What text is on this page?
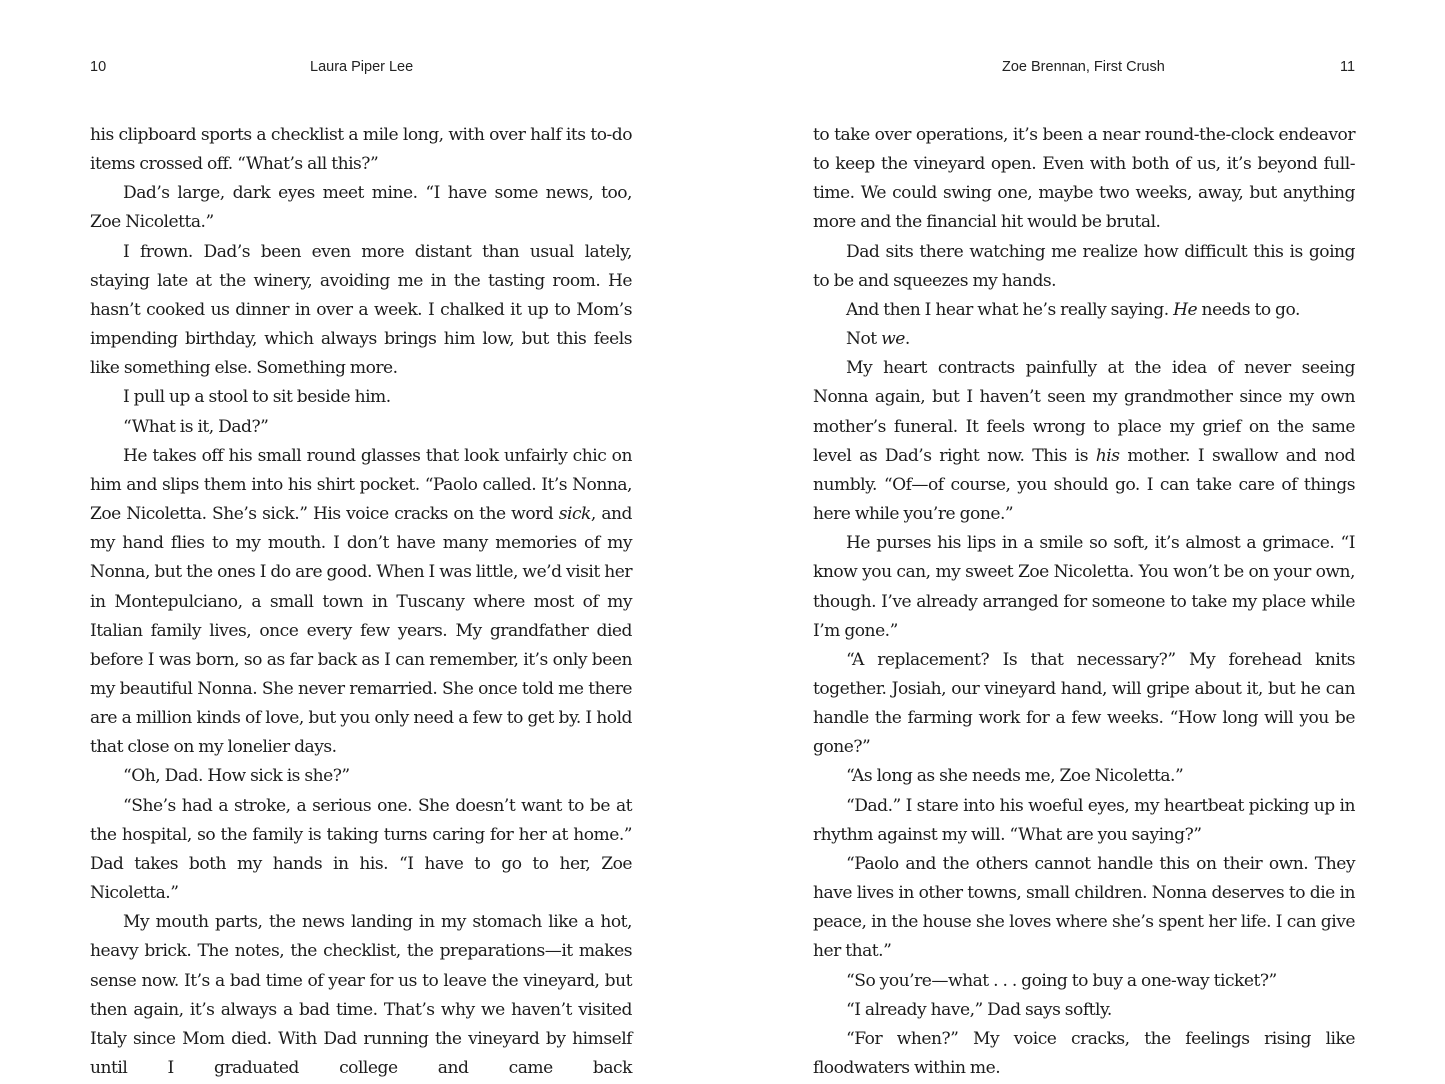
10	Laura Piper Lee

his clipboard sports a checklist a mile long, with over half its to-do items crossed off. “What’s all this?”

Dad’s large, dark eyes meet mine. “I have some news, too, Zoe Nicoletta.”

I frown. Dad’s been even more distant than usual lately, staying late at the winery, avoiding me in the tasting room. He hasn’t cooked us dinner in over a week. I chalked it up to Mom’s impending birthday, which always brings him low, but this feels like something else. Something more.

I pull up a stool to sit beside him.

“What is it, Dad?”

He takes off his small round glasses that look unfairly chic on him and slips them into his shirt pocket. “Paolo called. It’s Nonna, Zoe Nicoletta. She’s sick.” His voice cracks on the word sick, and my hand flies to my mouth. I don’t have many memories of my Nonna, but the ones I do are good. When I was little, we’d visit her in Montepulciano, a small town in Tuscany where most of my Italian family lives, once every few years. My grandfather died before I was born, so as far back as I can remember, it’s only been my beautiful Nonna. She never remarried. She once told me there are a million kinds of love, but you only need a few to get by. I hold that close on my lonelier days.

“Oh, Dad. How sick is she?”

“She’s had a stroke, a serious one. She doesn’t want to be at the hospital, so the family is taking turns caring for her at home.” Dad takes both my hands in his. “I have to go to her, Zoe Nicoletta.”

My mouth parts, the news landing in my stomach like a hot, heavy brick. The notes, the checklist, the preparations—it makes sense now. It’s a bad time of year for us to leave the vineyard, but then again, it’s always a bad time. That’s why we haven’t visited Italy since Mom died. With Dad running the vineyard by himself until I graduated college and came back

Zoe Brennan, First Crush	11

to take over operations, it’s been a near round-the-clock endeavor to keep the vineyard open. Even with both of us, it’s beyond full-time. We could swing one, maybe two weeks, away, but anything more and the financial hit would be brutal.

Dad sits there watching me realize how difficult this is going to be and squeezes my hands.

And then I hear what he’s really saying. He needs to go.

Not we.

My heart contracts painfully at the idea of never seeing Nonna again, but I haven’t seen my grandmother since my own mother’s funeral. It feels wrong to place my grief on the same level as Dad’s right now. This is his mother. I swallow and nod numbly. “Of—of course, you should go. I can take care of things here while you’re gone.”

He purses his lips in a smile so soft, it’s almost a grimace. “I know you can, my sweet Zoe Nicoletta. You won’t be on your own, though. I’ve already arranged for someone to take my place while I’m gone.”

“A replacement? Is that necessary?” My forehead knits together. Josiah, our vineyard hand, will gripe about it, but he can handle the farming work for a few weeks. “How long will you be gone?”

“As long as she needs me, Zoe Nicoletta.”

“Dad.” I stare into his woeful eyes, my heartbeat picking up in rhythm against my will. “What are you saying?”

“Paolo and the others cannot handle this on their own. They have lives in other towns, small children. Nonna deserves to die in peace, in the house she loves where she’s spent her life. I can give her that.”

“So you’re—what . . . going to buy a one-way ticket?”

“I already have,” Dad says softly.

“For when?” My voice cracks, the feelings rising like floodwaters within me.
